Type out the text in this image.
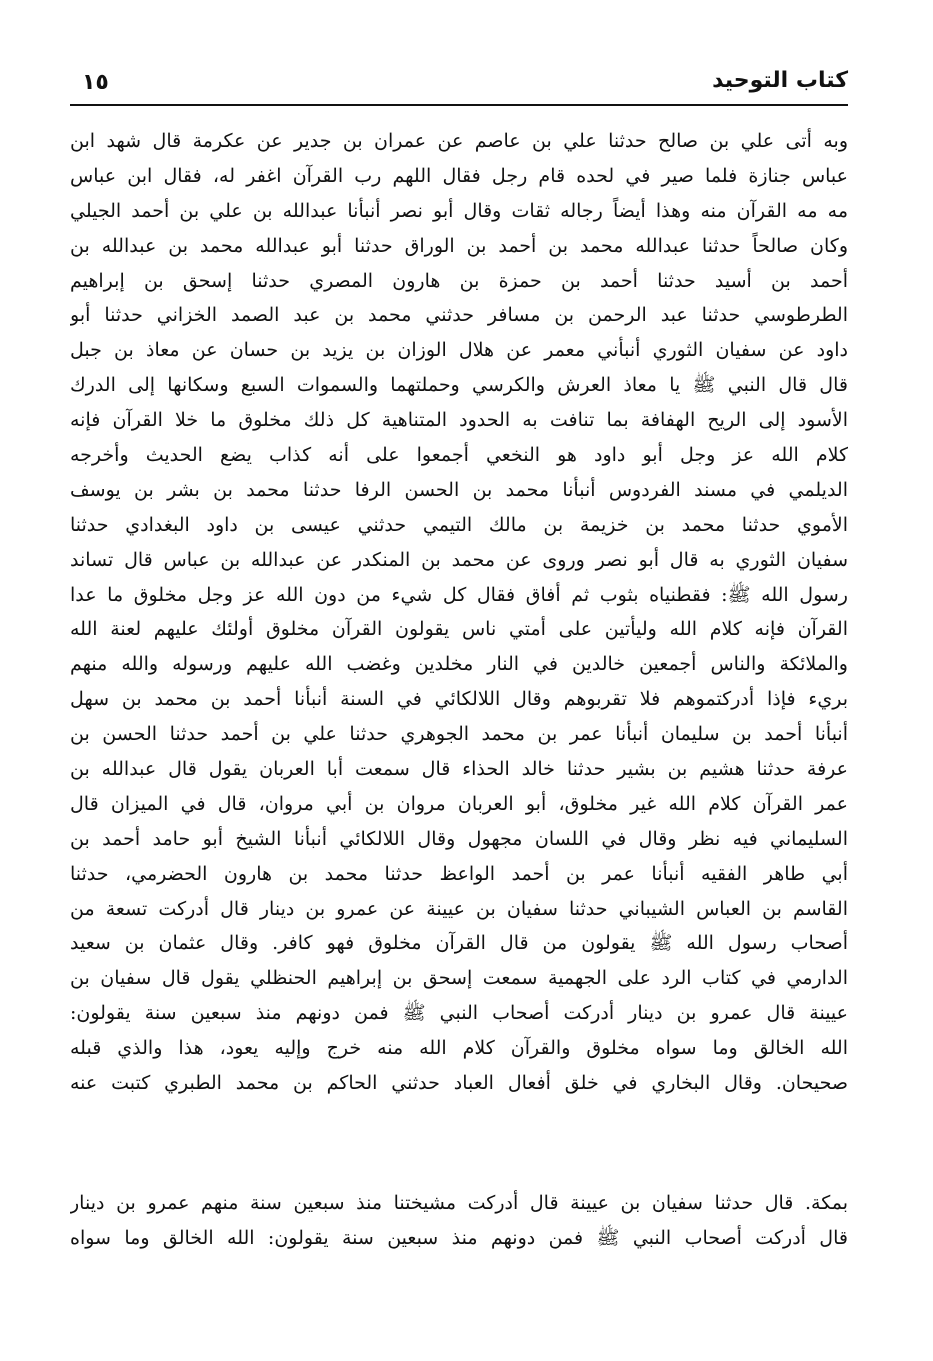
كتاب التوحيد
١٥
وبه أتى علي بن صالح حدثنا علي بن عاصم عن عمران بن جدير عن عكرمة قال شهد ابن
عباس جنازة فلما صير في لحده قام رجل فقال اللهم رب القرآن اغفر له، فقال ابن عباس
مه مه القرآن منه وهذا أيضاً رجاله ثقات وقال أبو نصر أنبأنا عبدالله بن علي بن أحمد الجيلي
وكان صالحاً حدثنا عبدالله محمد بن أحمد بن الوراق حدثنا أبو عبدالله محمد بن عبدالله بن
أحمد بن أسيد حدثنا أحمد بن حمزة بن هارون المصري حدثنا إسحق بن إبراهيم
الطرطوسي حدثنا عبد الرحمن بن مسافر حدثني محمد بن عبد الصمد الخزاني حدثنا أبو
داود عن سفيان الثوري أنبأني معمر عن هلال الوزان بن يزيد بن حسان عن معاذ بن جبل
قال قال النبي ﷺ يا معاذ العرش والكرسي وحملتهما والسموات السبع وسكانها إلى الدرك
الأسود إلى الريح الهفافة بما تنافت به الحدود المتناهية كل ذلك مخلوق ما خلا القرآن فإنه
كلام الله عز وجل أبو داود هو النخعي أجمعوا على أنه كذاب يضع الحديث وأخرجه
الديلمي في مسند الفردوس أنبأنا محمد بن الحسن الرفا حدثنا محمد بن بشر بن يوسف
الأموي حدثنا محمد بن خزيمة بن مالك التيمي حدثني عيسى بن داود البغدادي حدثنا
سفيان الثوري به قال أبو نصر وروى عن محمد بن المنكدر عن عبدالله بن عباس قال تساند
رسول الله ﷺ: فقطنياه بثوب ثم أفاق فقال كل شيء من دون الله عز وجل مخلوق ما عدا
القرآن فإنه كلام الله وليأتين على أمتي ناس يقولون القرآن مخلوق أولئك عليهم لعنة الله
والملائكة والناس أجمعين خالدين في النار مخلدين وغضب الله عليهم ورسوله والله منهم
بريء فإذا أدركتموهم فلا تقربوهم وقال اللالكائي في السنة أنبأنا أحمد بن محمد بن سهل
أنبأنا أحمد بن سليمان أنبأنا عمر بن محمد الجوهري حدثنا علي بن أحمد حدثنا الحسن بن
عرفة حدثنا هشيم بن بشير حدثنا خالد الحذاء قال سمعت أبا العربان يقول قال عبدالله بن
عمر القرآن كلام الله غير مخلوق، أبو العربان مروان بن أبي مروان، قال في الميزان قال
السليماني فيه نظر وقال في اللسان مجهول وقال اللالكائي أنبأنا الشيخ أبو حامد أحمد بن
أبي طاهر الفقيه أنبأنا عمر بن أحمد الواعظ حدثنا محمد بن هارون الحضرمي، حدثنا
القاسم بن العباس الشيباني حدثنا سفيان بن عيينة عن عمرو بن دينار قال أدركت تسعة من
أصحاب رسول الله ﷺ يقولون من قال القرآن مخلوق فهو كافر. وقال عثمان بن سعيد
الدارمي في كتاب الرد على الجهمية سمعت إسحق بن إبراهيم الحنظلي يقول قال سفيان بن
عيينة قال عمرو بن دينار أدركت أصحاب النبي ﷺ فمن دونهم منذ سبعين سنة يقولون:
الله الخالق وما سواه مخلوق والقرآن كلام الله منه خرج وإليه يعود، هذا والذي قبله
صحيحان. وقال البخاري في خلق أفعال العباد حدثني الحاكم بن محمد الطبري كتبت عنه
بمكة. قال حدثنا سفيان بن عيينة قال أدركت مشيختنا منذ سبعين سنة منهم عمرو بن دينار
قال أدركت أصحاب النبي ﷺ فمن دونهم منذ سبعين سنة يقولون: الله الخالق وما سواه
